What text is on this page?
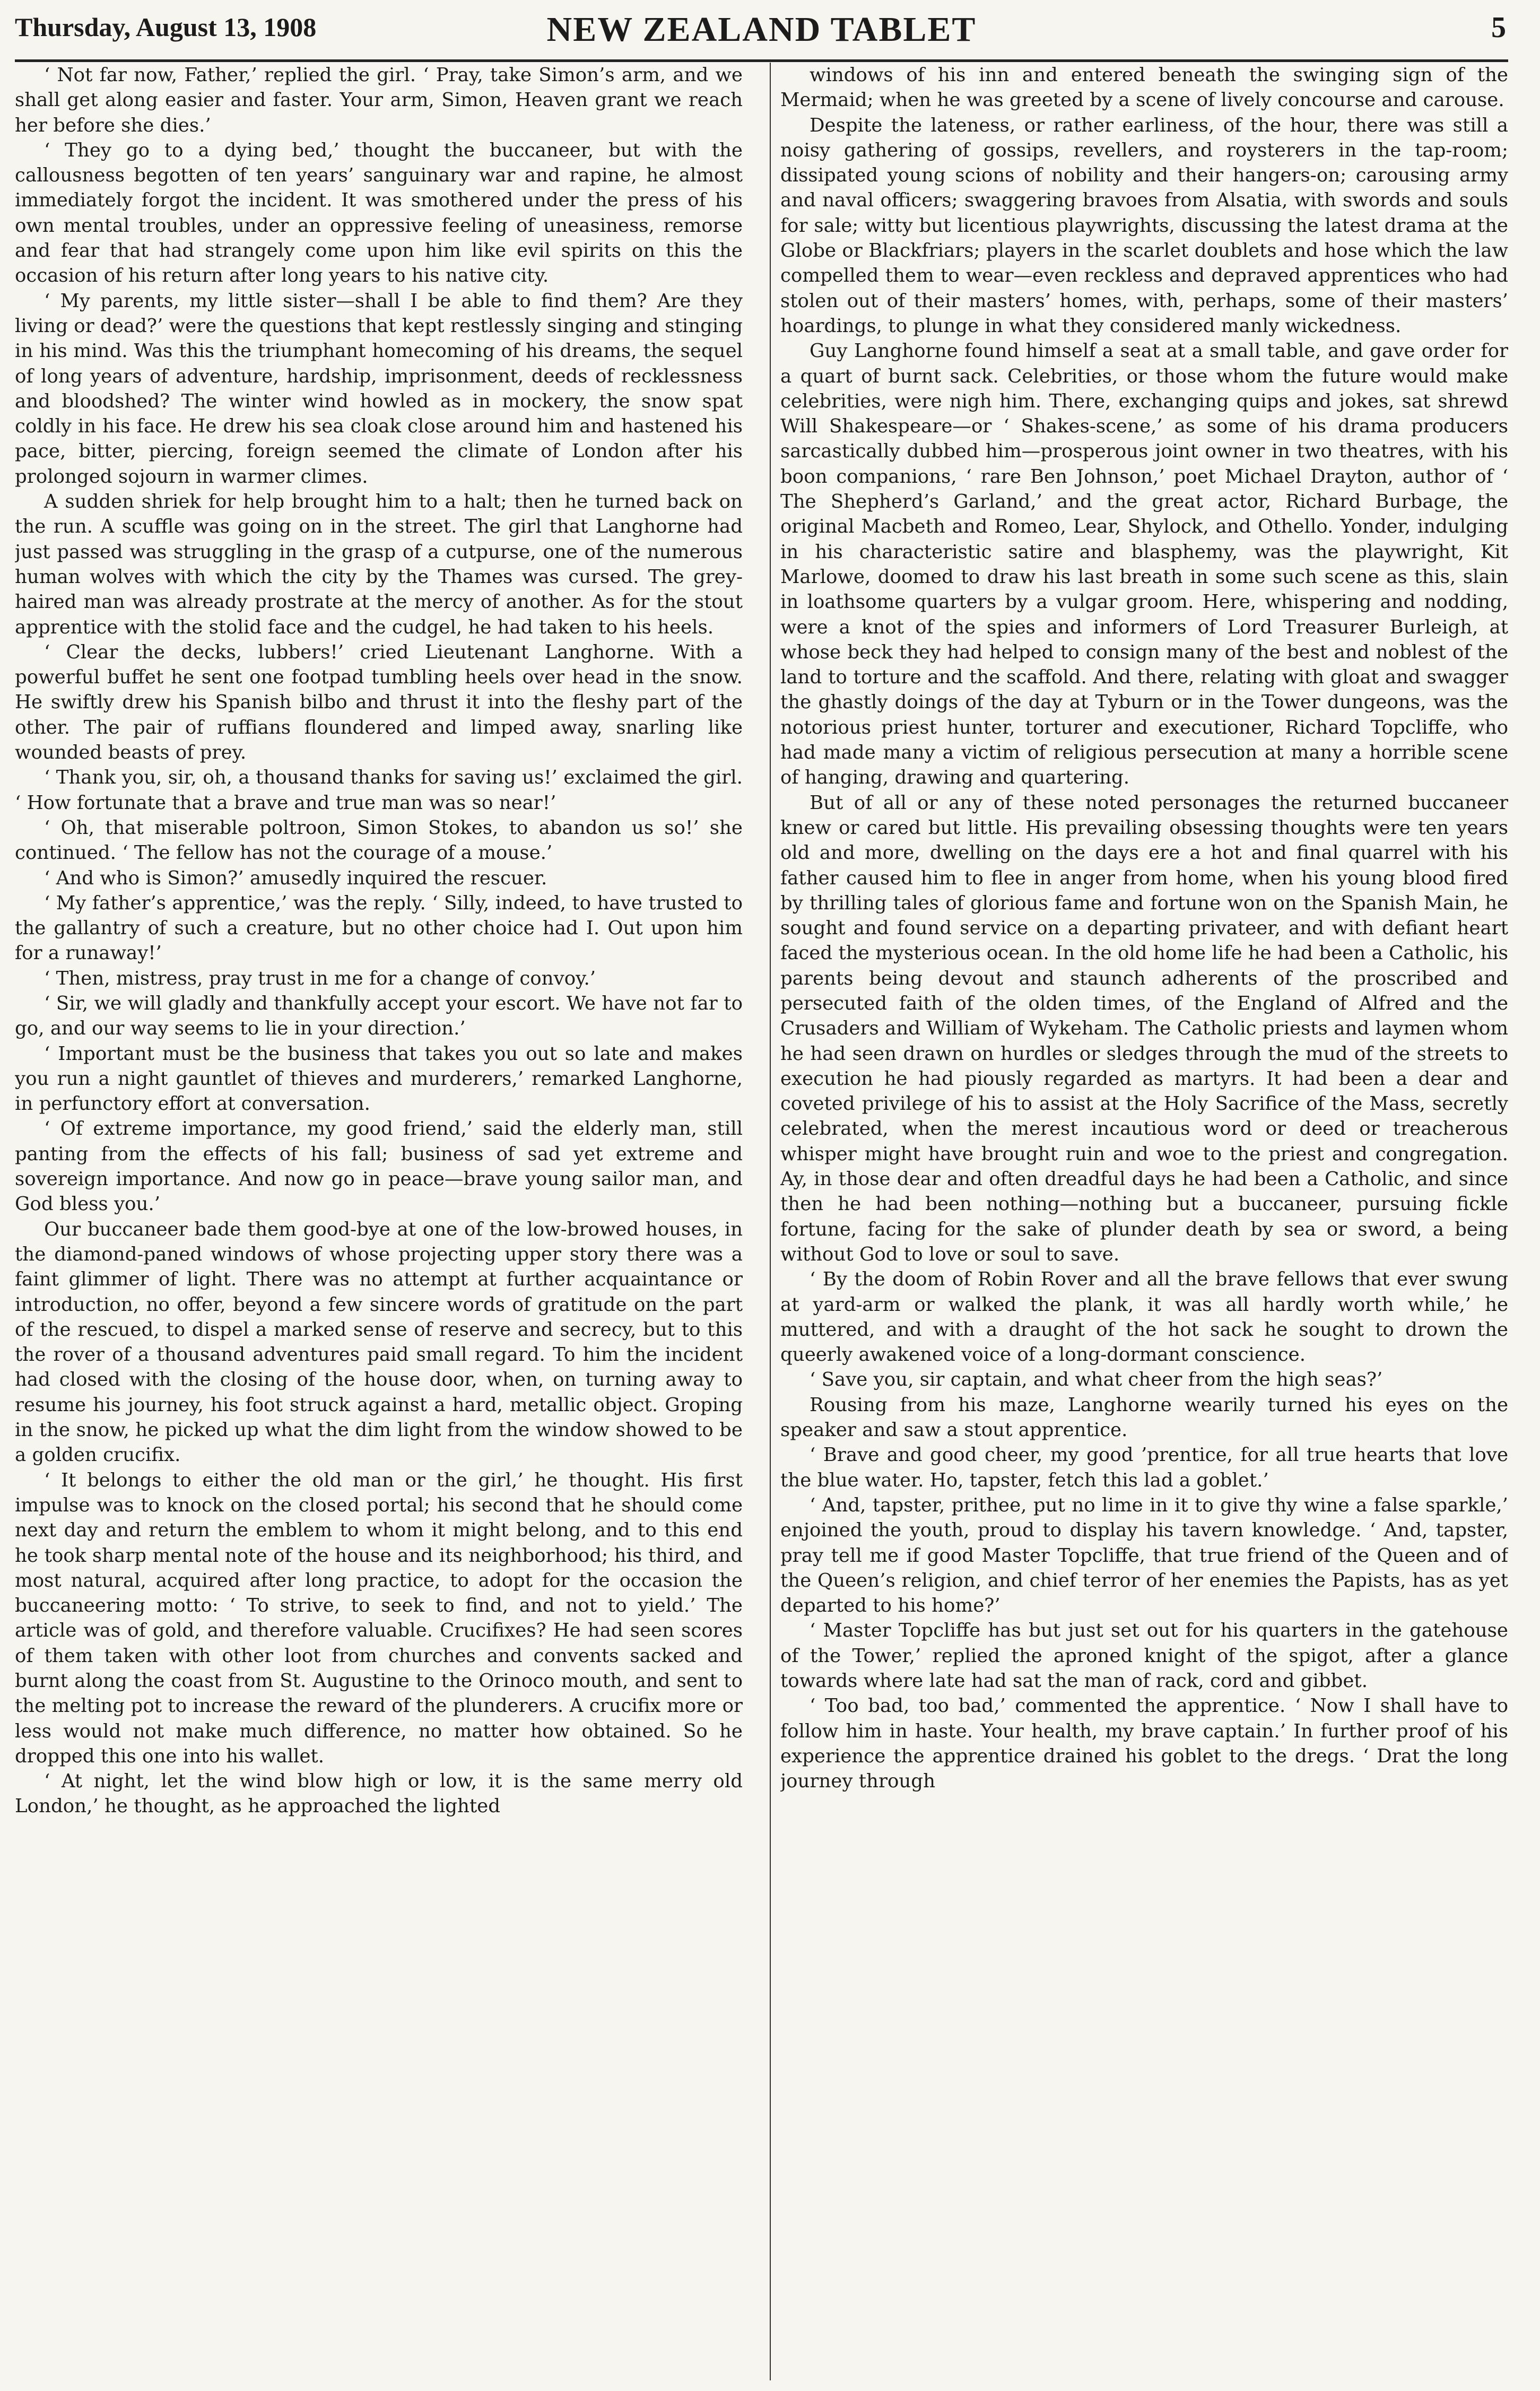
Thursday, August 13, 1908	NEW ZEALAND TABLET	5

‘ Not far now, Father,’ replied the girl. ‘ Pray, take Simon’s arm, and we shall get along easier and faster. Your arm, Simon, Heaven grant we reach her before she dies.’

‘ They go to a dying bed,’ thought the buccaneer, but with the callousness begotten of ten years’ sanguinary war and rapine, he almost immediately forgot the incident. It was smothered under the press of his own mental troubles, under an oppressive feeling of uneasiness, remorse and fear that had strangely come upon him like evil spirits on this the occasion of his return after long years to his native city.

‘ My parents, my little sister—shall I be able to find them? Are they living or dead?’ were the questions that kept restlessly singing and stinging in his mind. Was this the triumphant homecoming of his dreams, the sequel of long years of adventure, hardship, imprisonment, deeds of recklessness and bloodshed? The winter wind howled as in mockery, the snow spat coldly in his face. He drew his sea cloak close around him and hastened his pace, bitter, piercing, foreign seemed the climate of London after his prolonged sojourn in warmer climes.

A sudden shriek for help brought him to a halt; then he turned back on the run. A scuffle was going on in the street. The girl that Langhorne had just passed was struggling in the grasp of a cutpurse, one of the numerous human wolves with which the city by the Thames was cursed. The grey-haired man was already prostrate at the mercy of another. As for the stout apprentice with the stolid face and the cudgel, he had taken to his heels.

‘ Clear the decks, lubbers!’ cried Lieutenant Langhorne. With a powerful buffet he sent one footpad tumbling heels over head in the snow. He swiftly drew his Spanish bilbo and thrust it into the fleshy part of the other. The pair of ruffians floundered and limped away, snarling like wounded beasts of prey.

‘ Thank you, sir, oh, a thousand thanks for saving us!’ exclaimed the girl. ‘ How fortunate that a brave and true man was so near!’

‘ Oh, that miserable poltroon, Simon Stokes, to abandon us so!’ she continued. ‘ The fellow has not the courage of a mouse.’

‘ And who is Simon?’ amusedly inquired the rescuer.

‘ My father’s apprentice,’ was the reply. ‘ Silly, indeed, to have trusted to the gallantry of such a creature, but no other choice had I. Out upon him for a runaway!’

‘ Then, mistress, pray trust in me for a change of convoy.’

‘ Sir, we will gladly and thankfully accept your escort. We have not far to go, and our way seems to lie in your direction.’

‘ Important must be the business that takes you out so late and makes you run a night gauntlet of thieves and murderers,’ remarked Langhorne, in perfunctory effort at conversation.

‘ Of extreme importance, my good friend,’ said the elderly man, still panting from the effects of his fall; business of sad yet extreme and sovereign importance. And now go in peace—brave young sailor man, and God bless you.’

Our buccaneer bade them good-bye at one of the low-browed houses, in the diamond-paned windows of whose projecting upper story there was a faint glimmer of light. There was no attempt at further acquaintance or introduction, no offer, beyond a few sincere words of gratitude on the part of the rescued, to dispel a marked sense of reserve and secrecy, but to this the rover of a thousand adventures paid small regard. To him the incident had closed with the closing of the house door, when, on turning away to resume his journey, his foot struck against a hard, metallic object. Groping in the snow, he picked up what the dim light from the window showed to be a golden crucifix.

‘ It belongs to either the old man or the girl,’ he thought. His first impulse was to knock on the closed portal; his second that he should come next day and return the emblem to whom it might belong, and to this end he took sharp mental note of the house and its neighborhood; his third, and most natural, acquired after long practice, to adopt for the occasion the buccaneering motto: ‘ To strive, to seek to find, and not to yield.’ The article was of gold, and therefore valuable. Crucifixes? He had seen scores of them taken with other loot from churches and convents sacked and burnt along the coast from St. Augustine to the Orinoco mouth, and sent to the melting pot to increase the reward of the plunderers. A crucifix more or less would not make much difference, no matter how obtained. So he dropped this one into his wallet.

‘ At night, let the wind blow high or low, it is the same merry old London,’ he thought, as he approached the lighted

windows of his inn and entered beneath the swinging sign of the Mermaid; when he was greeted by a scene of lively concourse and carouse.

Despite the lateness, or rather earliness, of the hour, there was still a noisy gathering of gossips, revellers, and roysterers in the tap-room; dissipated young scions of nobility and their hangers-on; carousing army and naval officers; swaggering bravoes from Alsatia, with swords and souls for sale; witty but licentious playwrights, discussing the latest drama at the Globe or Blackfriars; players in the scarlet doublets and hose which the law compelled them to wear—even reckless and depraved apprentices who had stolen out of their masters’ homes, with, perhaps, some of their masters’ hoardings, to plunge in what they considered manly wickedness.

Guy Langhorne found himself a seat at a small table, and gave order for a quart of burnt sack. Celebrities, or those whom the future would make celebrities, were nigh him. There, exchanging quips and jokes, sat shrewd Will Shakespeare—or ‘ Shakes-scene,’ as some of his drama producers sarcastically dubbed him—prosperous joint owner in two theatres, with his boon companions, ‘ rare Ben Johnson,’ poet Michael Drayton, author of ‘ The Shepherd’s Garland,’ and the great actor, Richard Burbage, the original Macbeth and Romeo, Lear, Shylock, and Othello. Yonder, indulging in his characteristic satire and blasphemy, was the playwright, Kit Marlowe, doomed to draw his last breath in some such scene as this, slain in loathsome quarters by a vulgar groom. Here, whispering and nodding, were a knot of the spies and informers of Lord Treasurer Burleigh, at whose beck they had helped to consign many of the best and noblest of the land to torture and the scaffold. And there, relating with gloat and swagger the ghastly doings of the day at Tyburn or in the Tower dungeons, was the notorious priest hunter, torturer and executioner, Richard Topcliffe, who had made many a victim of religious persecution at many a horrible scene of hanging, drawing and quartering.

But of all or any of these noted personages the returned buccaneer knew or cared but little. His prevailing obsessing thoughts were ten years old and more, dwelling on the days ere a hot and final quarrel with his father caused him to flee in anger from home, when his young blood fired by thrilling tales of glorious fame and fortune won on the Spanish Main, he sought and found service on a departing privateer, and with defiant heart faced the mysterious ocean. In the old home life he had been a Catholic, his parents being devout and staunch adherents of the proscribed and persecuted faith of the olden times, of the England of Alfred and the Crusaders and William of Wykeham. The Catholic priests and laymen whom he had seen drawn on hurdles or sledges through the mud of the streets to execution he had piously regarded as martyrs. It had been a dear and coveted privilege of his to assist at the Holy Sacrifice of the Mass, secretly celebrated, when the merest incautious word or deed or treacherous whisper might have brought ruin and woe to the priest and congregation. Ay, in those dear and often dreadful days he had been a Catholic, and since then he had been nothing—nothing but a buccaneer, pursuing fickle fortune, facing for the sake of plunder death by sea or sword, a being without God to love or soul to save.

‘ By the doom of Robin Rover and all the brave fellows that ever swung at yard-arm or walked the plank, it was all hardly worth while,’ he muttered, and with a draught of the hot sack he sought to drown the queerly awakened voice of a long-dormant conscience.

‘ Save you, sir captain, and what cheer from the high seas?’

Rousing from his maze, Langhorne wearily turned his eyes on the speaker and saw a stout apprentice.

‘ Brave and good cheer, my good ’prentice, for all true hearts that love the blue water. Ho, tapster, fetch this lad a goblet.’

‘ And, tapster, prithee, put no lime in it to give thy wine a false sparkle,’ enjoined the youth, proud to display his tavern knowledge. ‘ And, tapster, pray tell me if good Master Topcliffe, that true friend of the Queen and of the Queen’s religion, and chief terror of her enemies the Papists, has as yet departed to his home?’

‘ Master Topcliffe has but just set out for his quarters in the gatehouse of the Tower,’ replied the aproned knight of the spigot, after a glance towards where late had sat the man of rack, cord and gibbet.

‘ Too bad, too bad,’ commented the apprentice. ‘ Now I shall have to follow him in haste. Your health, my brave captain.’ In further proof of his experience the apprentice drained his goblet to the dregs. ‘ Drat the long journey through
